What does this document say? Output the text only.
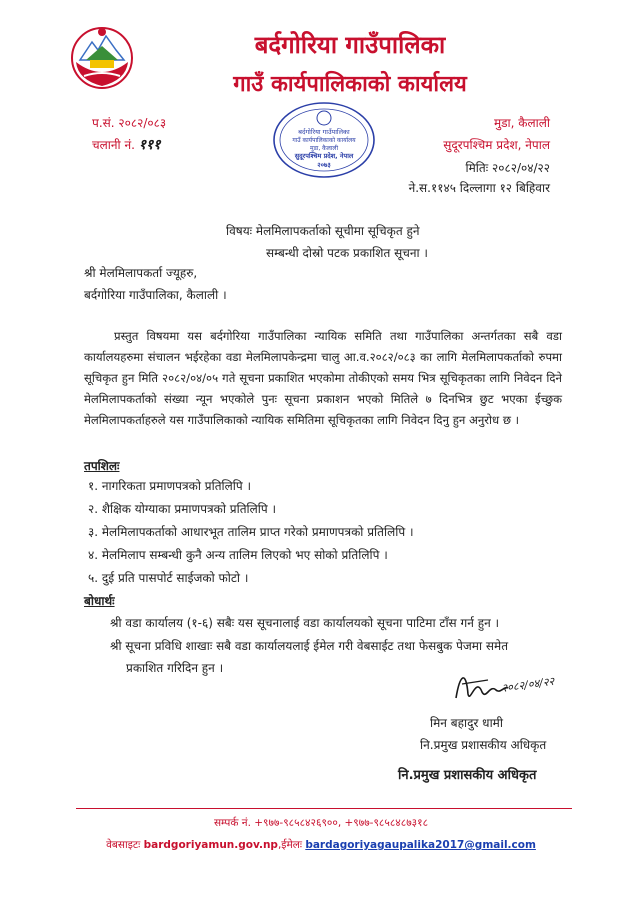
बर्दगोरिया गाउँपालिका
गाउँ कार्यपालिकाको कार्यालय
प.सं. २०८२/०८३
चलानी नं. १११
मुडा, कैलाली
सुदूरपश्चिम प्रदेश, नेपाल
बर्दगोरिया गाउँपालिका
गाउँ कार्यपालिकाको कार्यालय
मुडा, कैलाली
सुदूरपश्चिम प्रदेश, नेपाल
२०७३	मितिः २०८२/०४/२२
ने.स.११४५ दिल्लागा १२ बिहिवार
विषयः मेलमिलापकर्ताको सूचीमा सूचिकृत हुने
सम्बन्धी दोस्रो पटक प्रकाशित सूचना ।
श्री मेलमिलापकर्ता ज्यूहरु,
बर्दगोरिया गाउँपालिका, कैलाली ।

प्रस्तुत विषयमा यस बर्दगोरिया गाउँपालिका न्यायिक समिति तथा गाउँपालिका अन्तर्गतका सबै वडा कार्यालयहरुमा संचालन भईरहेका वडा मेलमिलापकेन्द्रमा चालु आ.व.२०८२/०८३ का लागि मेलमिलापकर्ताको रुपमा सूचिकृत हुन मिति २०८२/०४/०५ गते सूचना प्रकाशित भएकोमा तोकीएको समय भित्र सूचिकृतका लागि निवेदन दिने मेलमिलापकर्ताको संख्या न्यून भएकोले पुनः सूचना प्रकाशन भएको मितिले ७ दिनभित्र छुट भएका ईच्छुक मेलमिलापकर्ताहरुले यस गाउँपालिकाको न्यायिक समितिमा सूचिकृतका लागि निवेदन दिनु हुन अनुरोध छ ।

तपशिलः
१. नागरिकता प्रमाणपत्रको प्रतिलिपि ।
२. शैक्षिक योग्याका प्रमाणपत्रको प्रतिलिपि ।
३. मेलमिलापकर्ताको आधारभूत तालिम प्राप्त गरेको प्रमाणपत्रको प्रतिलिपि ।
४. मेलमिलाप सम्बन्धी कुनै अन्य तालिम लिएको भए सोको प्रतिलिपि ।
५. दुई प्रति पासपोर्ट साईजको फोटो ।
बोधार्थः
श्री वडा कार्यालय (१-६) सबैः यस सूचनालाई वडा कार्यालयको सूचना पाटिमा टाँस गर्न हुन ।
श्री सूचना प्रविधि शाखाः सबै वडा कार्यालयलाई ईमेल गरी वेबसाईट तथा फेसबुक पेजमा समेत
प्रकाशित गरिदिन हुन ।
२०८२/०४/२२
मिन बहादुर धामी
नि.प्रमुख प्रशासकीय अधिकृत
नि.प्रमुख प्रशासकीय अधिकृत
सम्पर्क नं. +९७७-९८५८४२६९००, +९७७-९८५८४८७३१८
वेबसाइटः bardgoriyamun.gov.np,ईमेलः bardagoriyagaupalika2017@gmail.com
